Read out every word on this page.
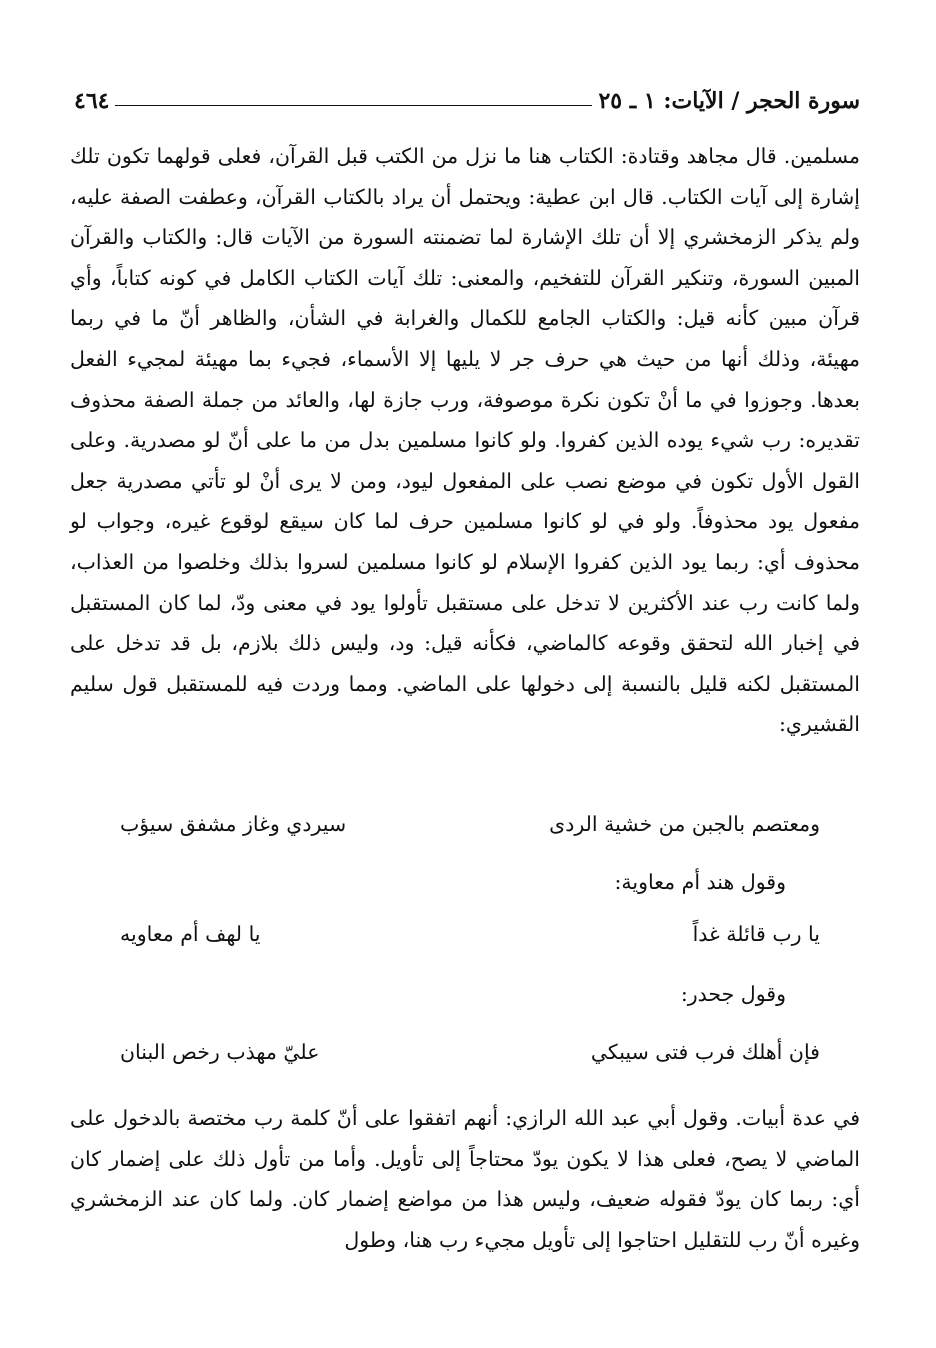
سورة الحجر / الآيات: ١ ـ ٢٥
٤٦٤

مسلمين. قال مجاهد وقتادة: الكتاب هنا ما نزل من الكتب قبل القرآن، فعلى قولهما تكون تلك إشارة إلى آيات الكتاب. قال ابن عطية: ويحتمل أن يراد بالكتاب القرآن، وعطفت الصفة عليه، ولم يذكر الزمخشري إلا أن تلك الإشارة لما تضمنته السورة من الآيات قال: والكتاب والقرآن المبين السورة، وتنكير القرآن للتفخيم، والمعنى: تلك آيات الكتاب الكامل في كونه كتاباً، وأي قرآن مبين كأنه قيل: والكتاب الجامع للكمال والغرابة في الشأن، والظاهر أنّ ما في ربما مهيئة، وذلك أنها من حيث هي حرف جر لا يليها إلا الأسماء، فجيء بما مهيئة لمجيء الفعل بعدها. وجوزوا في ما أنْ تكون نكرة موصوفة، ورب جازة لها، والعائد من جملة الصفة محذوف تقديره: رب شيء يوده الذين كفروا. ولو كانوا مسلمين بدل من ما على أنّ لو مصدرية. وعلى القول الأول تكون في موضع نصب على المفعول ليود، ومن لا يرى أنْ لو تأتي مصدرية جعل مفعول يود محذوفاً. ولو في لو كانوا مسلمين حرف لما كان سيقع لوقوع غيره، وجواب لو محذوف أي: ربما يود الذين كفروا الإسلام لو كانوا مسلمين لسروا بذلك وخلصوا من العذاب، ولما كانت رب عند الأكثرين لا تدخل على مستقبل تأولوا يود في معنى ودّ، لما كان المستقبل في إخبار الله لتحقق وقوعه كالماضي، فكأنه قيل: ود، وليس ذلك بلازم، بل قد تدخل على المستقبل لكنه قليل بالنسبة إلى دخولها على الماضي. ومما وردت فيه للمستقبل قول سليم القشيري:

ومعتصم بالجبن من خشية الردى
سيردي وغاز مشفق سيؤب
وقول هند أم معاوية:
يا رب قائلة غداً
يا لهف أم معاويه
وقول جحدر:
فإن أهلك فرب فتى سيبكي
عليّ مهذب رخص البنان

في عدة أبيات. وقول أبي عبد الله الرازي: أنهم اتفقوا على أنّ كلمة رب مختصة بالدخول على الماضي لا يصح، فعلى هذا لا يكون يودّ محتاجاً إلى تأويل. وأما من تأول ذلك على إضمار كان أي: ربما كان يودّ فقوله ضعيف، وليس هذا من مواضع إضمار كان. ولما كان عند الزمخشري وغيره أنّ رب للتقليل احتاجوا إلى تأويل مجيء رب هنا، وطول
